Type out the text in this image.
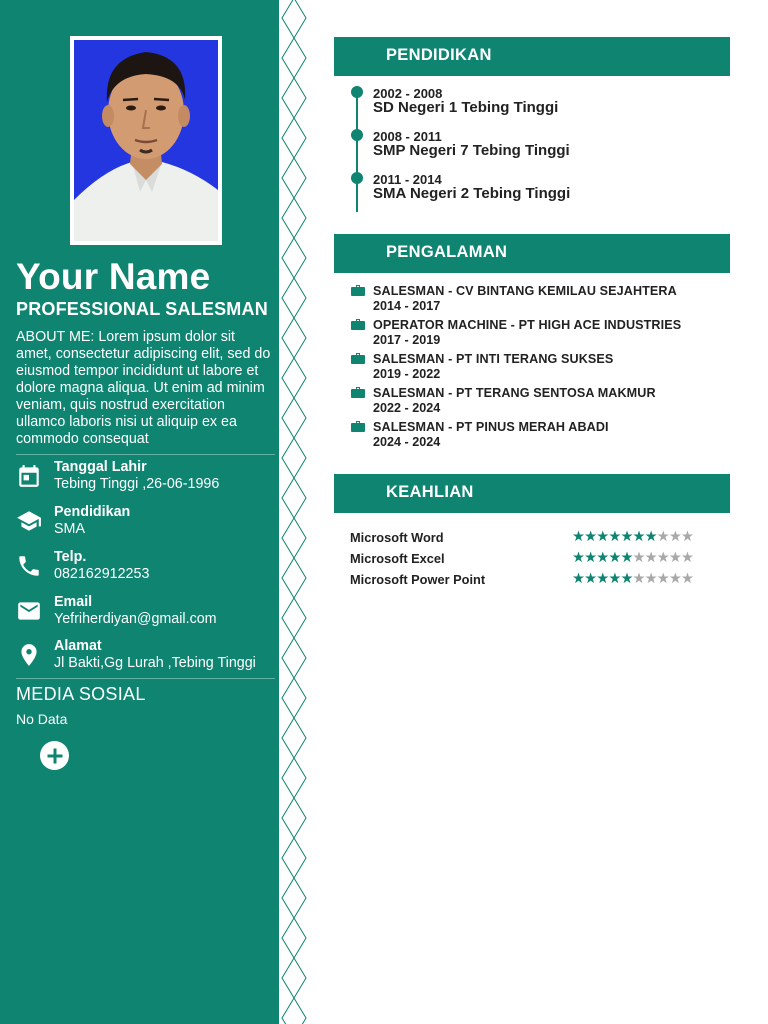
Your Name
PROFESSIONAL SALESMAN
ABOUT ME: Lorem ipsum dolor sit amet, consectetur adipiscing elit, sed do eiusmod tempor incididunt ut labore et dolore magna aliqua. Ut enim ad minim veniam, quis nostrud exercitation ullamco laboris nisi ut aliquip ex ea commodo consequat
Tanggal Lahir
Tebing Tinggi ,26-06-1996
Pendidikan
SMA
Telp.
082162912253
Email
Yefriherdiyan@gmail.com
Alamat
Jl Bakti,Gg Lurah ,Tebing Tinggi
MEDIA SOSIAL
No Data
PENDIDIKAN
2002 - 2008
SD Negeri 1 Tebing Tinggi
2008 - 2011
SMP Negeri 7 Tebing Tinggi
2011 - 2014
SMA Negeri 2 Tebing Tinggi
PENGALAMAN
SALESMAN - CV BINTANG KEMILAU SEJAHTERA
2014 - 2017
OPERATOR MACHINE - PT HIGH ACE INDUSTRIES
2017 - 2019
SALESMAN - PT INTI TERANG SUKSES
2019 - 2022
SALESMAN - PT TERANG SENTOSA MAKMUR
2022 - 2024
SALESMAN - PT PINUS MERAH ABADI
2024 - 2024
KEAHLIAN
Microsoft Word	★★★★★★★★★★
Microsoft Excel	★★★★★★★★★★
Microsoft Power Point	★★★★★★★★★★
